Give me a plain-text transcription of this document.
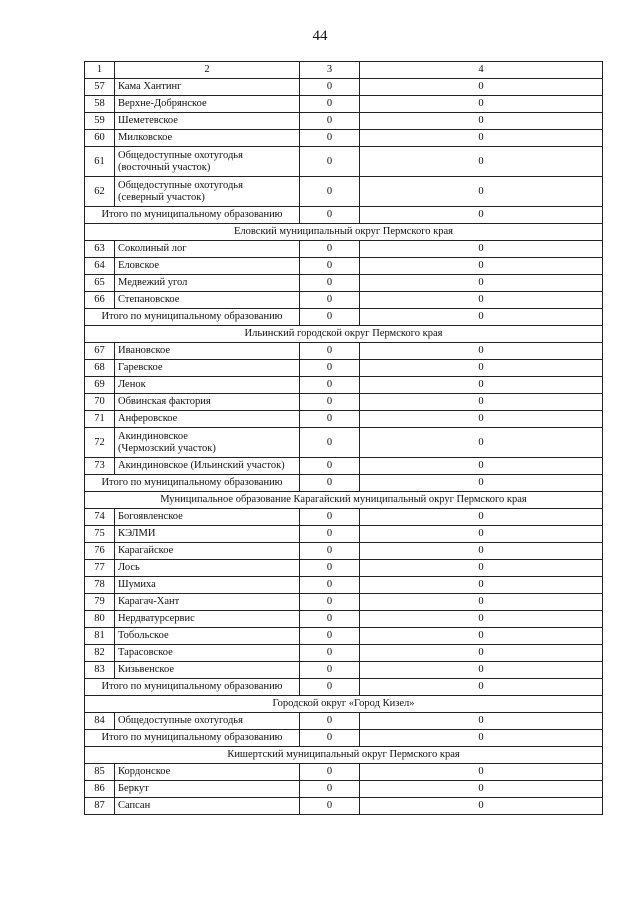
44
1	2	3	4
57	Кама Хантинг	0	0
58	Верхне-Добрянское	0	0
59	Шеметевское	0	0
60	Милковское	0	0
61	Общедоступные охотугодья
(восточный участок)	0	0
62	Общедоступные охотугодья
(северный участок)	0	0
Итого по муниципальному образованию		0	0
Еловский муниципальный округ Пермского края			
63	Соколиный лог	0	0
64	Еловское	0	0
65	Медвежий угол	0	0
66	Степановское	0	0
Итого по муниципальному образованию		0	0
Ильинский городской округ Пермского края			
67	Ивановское	0	0
68	Гаревское	0	0
69	Ленок	0	0
70	Обвинская фактория	0	0
71	Анферовское	0	0
72	Акиндиновское
(Чермозский участок)	0	0
73	Акиндиновское (Ильинский участок)	0	0
Итого по муниципальному образованию		0	0
Муниципальное образование Карагайский муниципальный округ Пермского края			
74	Богоявленское	0	0
75	КЭЛМИ	0	0
76	Карагайское	0	0
77	Лось	0	0
78	Шумиха	0	0
79	Карагач-Хант	0	0
80	Нердватурсервис	0	0
81	Тобольское	0	0
82	Тарасовское	0	0
83	Кизьвенское	0	0
Итого по муниципальному образованию		0	0
Городской округ «Город Кизел»			
84	Общедоступные охотугодья	0	0
Итого по муниципальному образованию		0	0
Кишертский муниципальный округ Пермского края			
85	Кордонское	0	0
86	Беркут	0	0
87	Сапсан	0	0
